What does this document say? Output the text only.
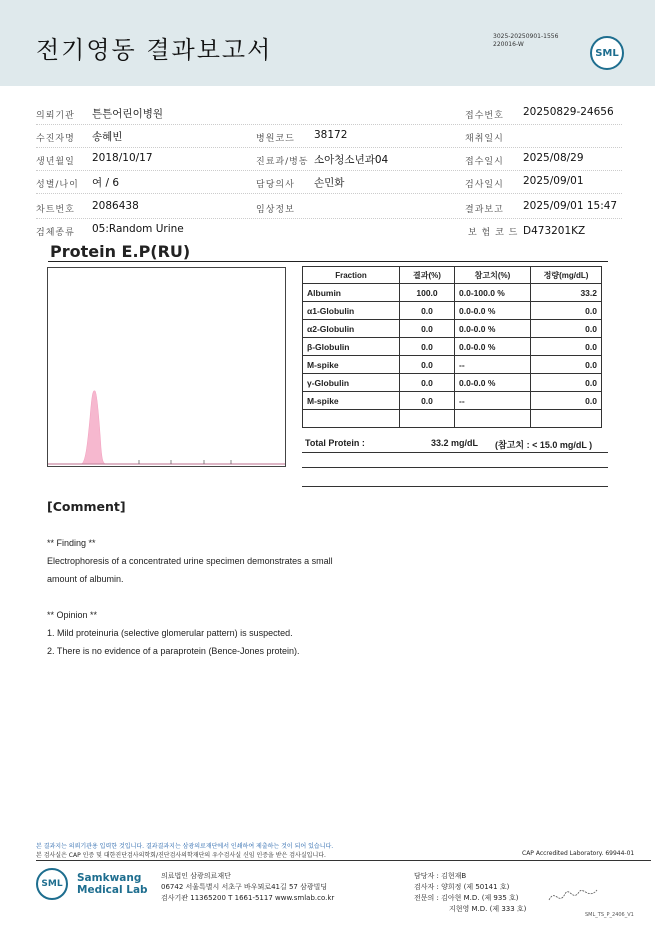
전기영동 결과보고서	3025-20250901-1556
220016-W
SML
의뢰기관 튼튼어린이병원	접수번호 20250829-24656
수진자명 송혜빈	병원코드 38172	채취일시
생년월일 2018/10/17	진료과/병동 소아청소년과04	접수일시 2025/08/29
성별/나이 여 / 6	담당의사 손민화	검사일시 2025/09/01
차트번호 2086438	임상정보	결과보고 2025/09/01 15:47
검체종류 05:Random Urine	보 험 코 드 D473201KZ
Protein E.P(RU)
Fraction	결과(%)	참고치(%)	정량(mg/dL)
Albumin	100.0	0.0-100.0 %	33.2
α1-Globulin	0.0	0.0-0.0 %	0.0
α2-Globulin	0.0	0.0-0.0 %	0.0
β-Globulin	0.0	0.0-0.0 %	0.0
M-spike	0.0	--	0.0
γ-Globulin	0.0	0.0-0.0 %	0.0
M-spike	0.0	--	0.0

Total Protein :	33.2 mg/dL (참고치 : < 15.0 mg/dL )
[Comment]
** Finding **
Electrophoresis of a concentrated urine specimen demonstrates a small
amount of albumin.
** Opinion **
1. Mild proteinuria (selective glomerular pattern) is suspected.
2. There is no evidence of a paraprotein (Bence-Jones protein).
본 결과지는 의뢰기관용 입력한 것입니다. 결과결과지는 삼광의료재단에서 인쇄하여 제출하는 것이 되어 있습니다.
본 검사실은 CAP 인증 및 대한진단검사의학회/진단검사의학재단의 우수검사실 신임 인증을 받은 검사실입니다.	CAP Accredited Laboratory. 69944-01
SML	Samkwang
Medical Lab
의료법인 삼광의료재단
06742 서울특별시 서초구 바우뫼로41길 57 삼광빌딩
검사기관 11365200 T 1661-5117 www.smlab.co.kr
담당자 : 김현재B
검사자 : 양희정 (제 50141 호)
전문의 : 김아현 M.D. (제 935 호)
지현영 M.D. (제 333 호)
SML_TS_P_2406_V1
